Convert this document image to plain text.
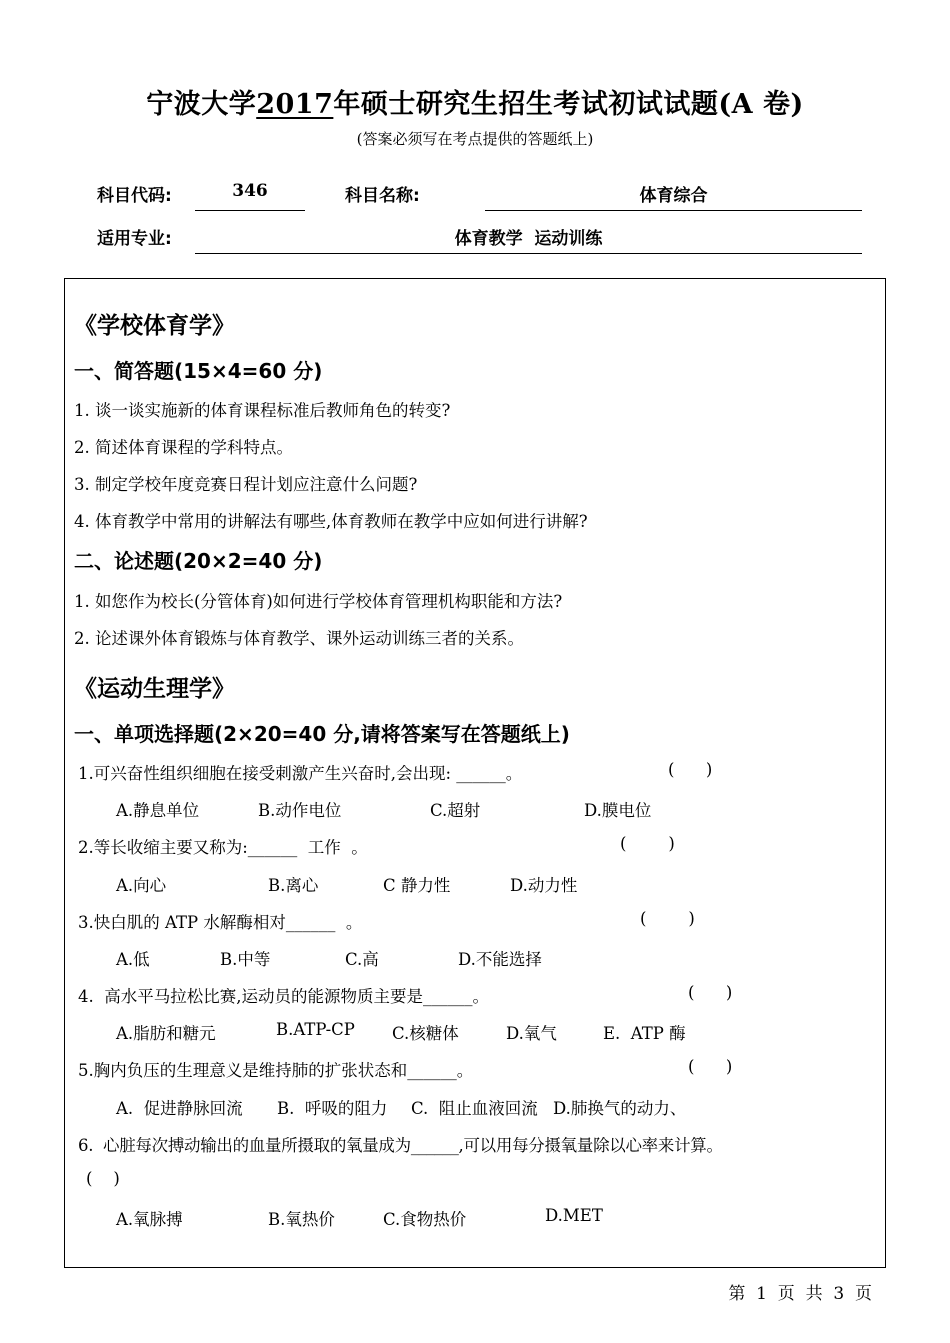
宁波大学2017年硕士研究生招生考试初试试题(A 卷)
(答案必须写在考点提供的答题纸上)
科目代码:	346	科目名称:	体育综合
适用专业:	体育教学  运动训练
《学校体育学》
一、简答题(15×4=60 分)
1. 谈一谈实施新的体育课程标准后教师角色的转变?
2. 简述体育课程的学科特点。
3. 制定学校年度竞赛日程计划应注意什么问题?
4. 体育教学中常用的讲解法有哪些,体育教师在教学中应如何进行讲解?
二、论述题(20×2=40 分)
1. 如您作为校长(分管体育)如何进行学校体育管理机构职能和方法?
2. 论述课外体育锻炼与体育教学、课外运动训练三者的关系。
《运动生理学》
一、单项选择题(2×20=40 分,请将答案写在答题纸上)
1.可兴奋性组织细胞在接受刺激产生兴奋时,会出现: ______。	(      )
A.静息单位	B.动作电位	C.超射	D.膜电位
2.等长收缩主要又称为:______  工作  。	(        )
A.向心	B.离心	C 静力性	D.动力性
3.快白肌的 ATP 水解酶相对______  。	(        )
A.低	B.中等	C.高	D.不能选择
4.  高水平马拉松比赛,运动员的能源物质主要是______。	(      )
A.脂肪和糖元	B.ATP-CP C.核糖体	D.氧气	E.  ATP 酶
5.胸内负压的生理意义是维持肺的扩张状态和______。	(      )
A.  促进静脉回流 B.  呼吸的阻力 C.  阻止血液回流 D.肺换气的动力、
6.  心脏每次搏动输出的血量所摄取的氧量成为______,可以用每分摄氧量除以心率来计算。
(    )
A.氧脉搏	B.氧热价	C.食物热价	D.MET
第  1  页  共  3  页
